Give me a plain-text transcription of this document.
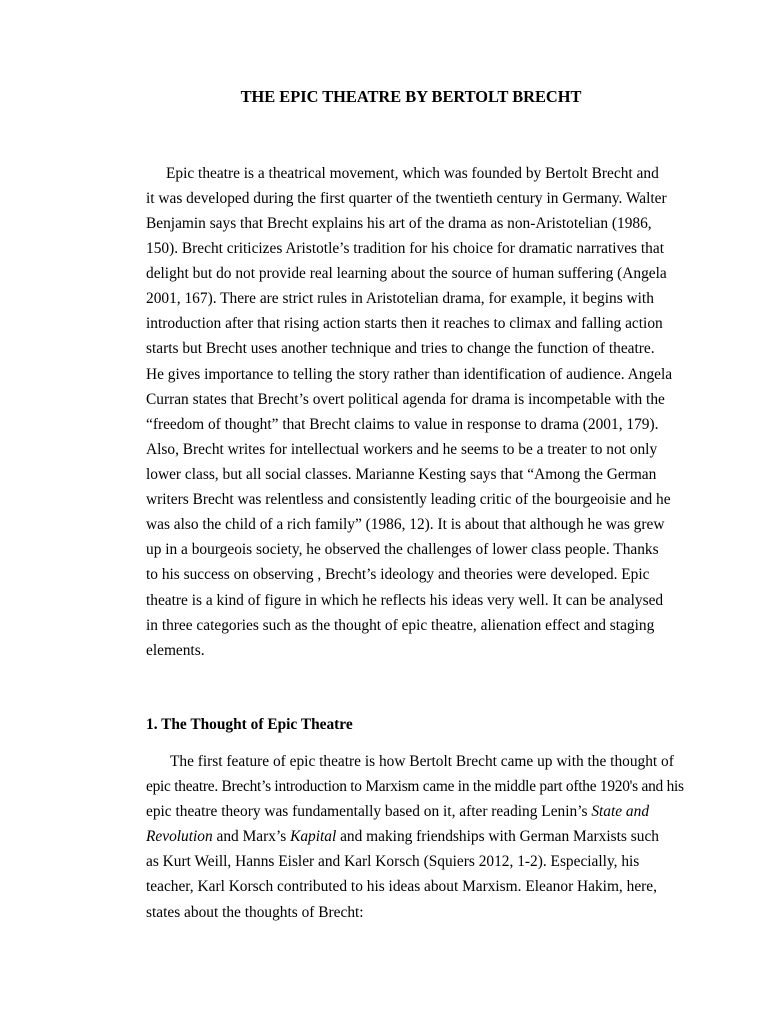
THE EPIC THEATRE BY BERTOLT BRECHT

Epic theatre is a theatrical movement, which was founded by Bertolt Brecht and

it was developed during the first quarter of the twentieth century in Germany. Walter

Benjamin says that Brecht explains his art of the drama as non-Aristotelian (1986,

150). Brecht criticizes Aristotle’s tradition for his choice for dramatic narratives that

delight but do not provide real learning about the source of human suffering (Angela

2001, 167). There are strict rules in Aristotelian drama, for example, it begins with

introduction after that rising action starts then it reaches to climax and falling action

starts but Brecht uses another technique and tries to change the function of theatre.

He gives importance to telling the story rather than identification of audience. Angela

Curran states that Brecht’s overt political agenda for drama is incompetable with the

“freedom of thought” that Brecht claims to value in response to drama (2001, 179).

Also, Brecht writes for intellectual workers and he seems to be a treater to not only

lower class, but all social classes. Marianne Kesting says that “Among the German

writers Brecht was relentless and consistently leading critic of the bourgeoisie and he

was also the child of a rich family” (1986, 12). It is about that although he was grew

up in a bourgeois society, he observed the challenges of lower class people. Thanks

to his success on observing , Brecht’s ideology and theories were developed. Epic

theatre is a kind of figure in which he reflects his ideas very well. It can be analysed

in three categories such as the thought of epic theatre, alienation effect and staging

elements.

1. The Thought of Epic Theatre

The first feature of epic theatre is how Bertolt Brecht came up with the thought of

epic theatre. Brecht’s introduction to Marxism came in the middle part ofthe 1920's and his

epic theatre theory was fundamentally based on it, after reading Lenin’s State and

Revolution and Marx’s Kapital and making friendships with German Marxists such

as Kurt Weill, Hanns Eisler and Karl Korsch (Squiers 2012, 1-2). Especially, his

teacher, Karl Korsch contributed to his ideas about Marxism. Eleanor Hakim, here,

states about the thoughts of Brecht:
